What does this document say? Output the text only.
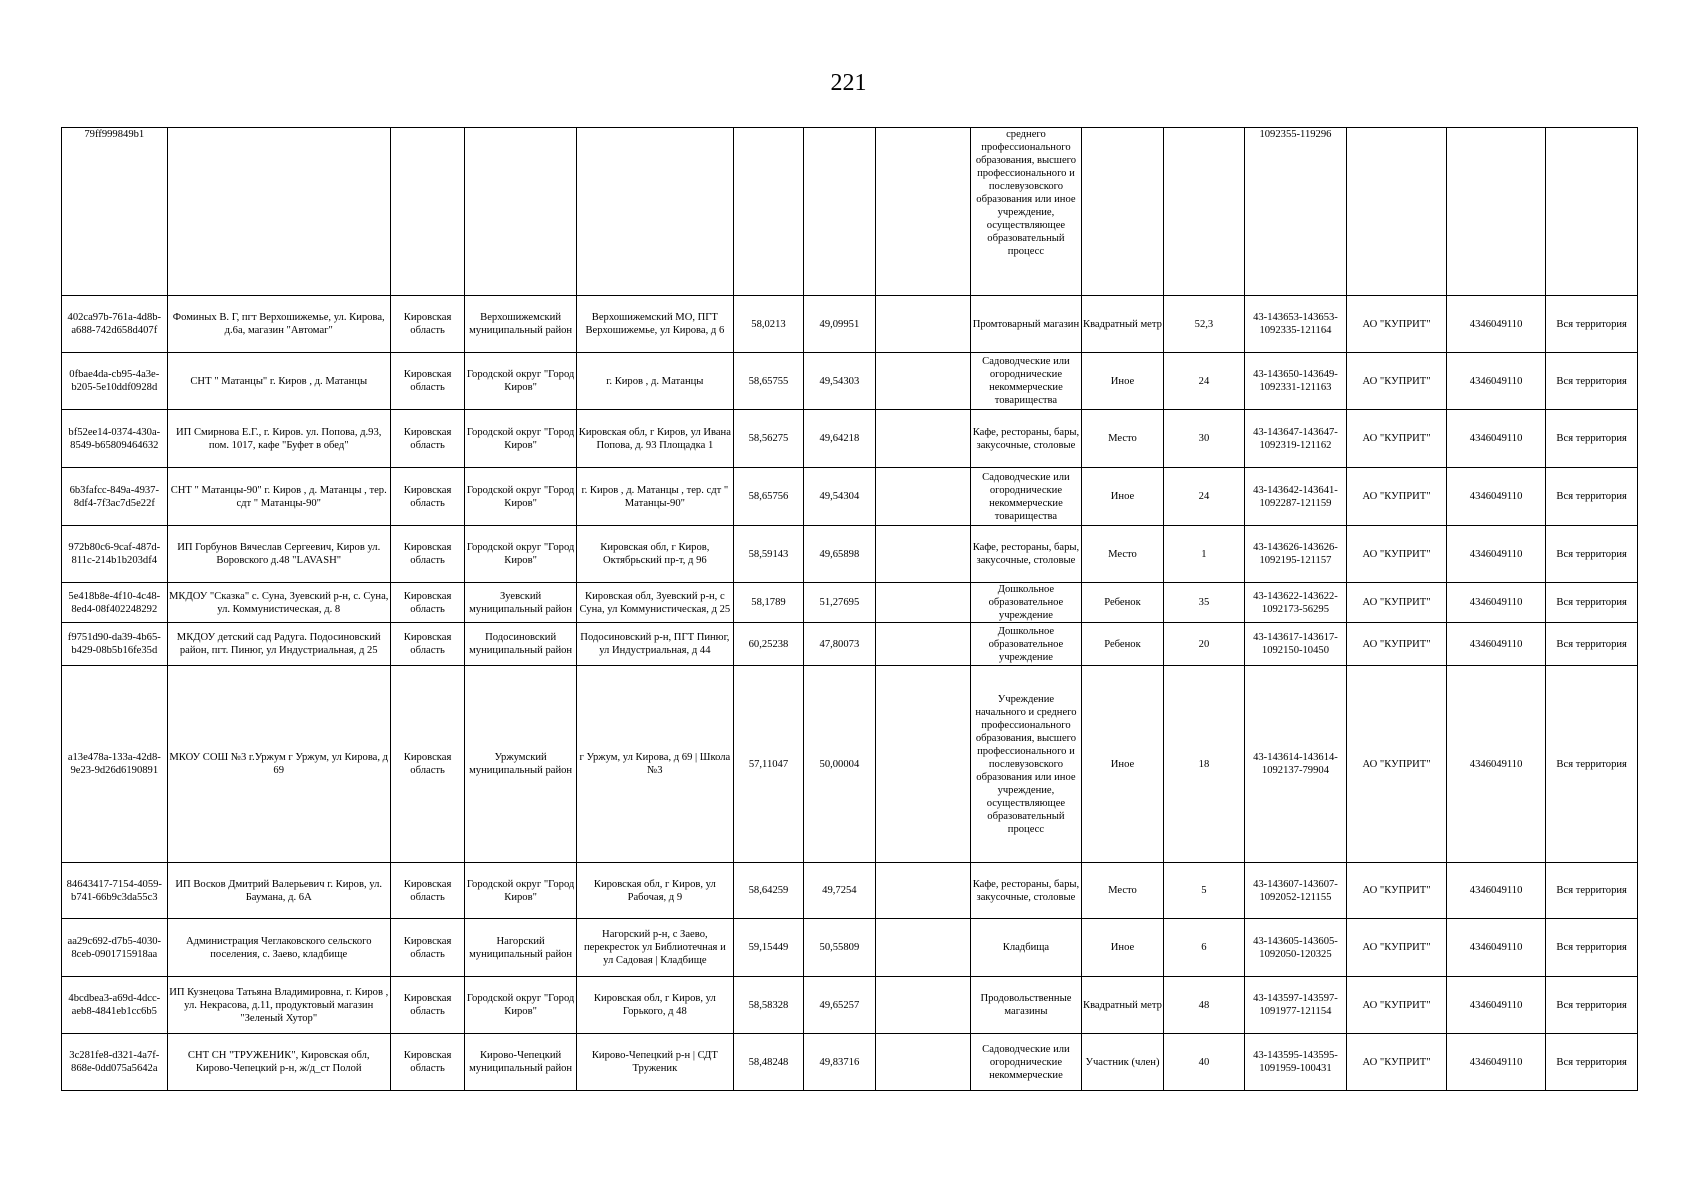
221
79ff999849b1								среднего профессионального образования, высшего профессионального и послевузовского образования или иное учреждение, осуществляющее образовательный процесс			1092355-119296			
402ca97b-761a-4d8b-a688-742d658d407f	Фоминых В. Г, пгт Верхошижемье, ул. Кирова, д.6а, магазин "Автомаг"	Кировская область	Верхошижемский муниципальный район	Верхошижемский МО, ПГТ Верхошижемье, ул Кирова, д 6	58,0213	49,09951		Промтоварный магазин	Квадратный метр	52,3	43-143653-143653-1092335-121164	АО "КУПРИТ"	4346049110	Вся территория
0fbae4da-cb95-4a3e-b205-5e10ddf0928d	СНТ " Матанцы" г. Киров , д. Матанцы	Кировская область	Городской округ "Город Киров"	г. Киров , д. Матанцы	58,65755	49,54303		Садоводческие или огороднические некоммерческие товарищества	Иное	24	43-143650-143649-1092331-121163	АО "КУПРИТ"	4346049110	Вся территория
bf52ee14-0374-430a-8549-b65809464632	ИП Смирнова Е.Г., г. Киров. ул. Попова, д.93, пом. 1017, кафе "Буфет в обед"	Кировская область	Городской округ "Город Киров"	Кировская обл, г Киров, ул Ивана Попова, д. 93 Площадка 1	58,56275	49,64218		Кафе, рестораны, бары, закусочные, столовые	Место	30	43-143647-143647-1092319-121162	АО "КУПРИТ"	4346049110	Вся территория
6b3fafcc-849a-4937-8df4-7f3ac7d5e22f	СНТ " Матанцы-90" г. Киров , д. Матанцы , тер. сдт " Матанцы-90"	Кировская область	Городской округ "Город Киров"	г. Киров , д. Матанцы , тер. сдт " Матанцы-90"	58,65756	49,54304		Садоводческие или огороднические некоммерческие товарищества	Иное	24	43-143642-143641-1092287-121159	АО "КУПРИТ"	4346049110	Вся территория
972b80c6-9caf-487d-811c-214b1b203df4	ИП Горбунов Вячеслав Сергеевич, Киров ул. Воровского д.48 "LAVASH"	Кировская область	Городской округ "Город Киров"	Кировская обл, г Киров, Октябрьский пр-т, д 96	58,59143	49,65898		Кафе, рестораны, бары, закусочные, столовые	Место	1	43-143626-143626-1092195-121157	АО "КУПРИТ"	4346049110	Вся территория
5e418b8e-4f10-4c48-8ed4-08f402248292	МКДОУ "Сказка" с. Суна, Зуевский р-н, с. Суна, ул. Коммунистическая, д. 8	Кировская область	Зуевский муниципальный район	Кировская обл, Зуевский р-н, с Суна, ул Коммунистическая, д 25	58,1789	51,27695		Дошкольное образовательное учреждение	Ребенок	35	43-143622-143622-1092173-56295	АО "КУПРИТ"	4346049110	Вся территория
f9751d90-da39-4b65-b429-08b5b16fe35d	МКДОУ детский сад Радуга. Подосиновский район, пгт. Пинюг, ул Индустриальная, д 25	Кировская область	Подосиновский муниципальный район	Подосиновский р-н, ПГТ Пинюг, ул Индустриальная, д 44	60,25238	47,80073		Дошкольное образовательное учреждение	Ребенок	20	43-143617-143617-1092150-10450	АО "КУПРИТ"	4346049110	Вся территория
a13e478a-133a-42d8-9e23-9d26d6190891	МКОУ СОШ №3 г.Уржум г Уржум, ул Кирова, д 69	Кировская область	Уржумский муниципальный район	г Уржум, ул Кирова, д 69 | Школа №3	57,11047	50,00004		Учреждение начального и среднего профессионального образования, высшего профессионального и послевузовского образования или иное учреждение, осуществляющее образовательный процесс	Иное	18	43-143614-143614-1092137-79904	АО "КУПРИТ"	4346049110	Вся территория
84643417-7154-4059-b741-66b9c3da55c3	ИП Восков Дмитрий Валерьевич г. Киров, ул. Баумана, д. 6А	Кировская область	Городской округ "Город Киров"	Кировская обл, г Киров, ул Рабочая, д 9	58,64259	49,7254		Кафе, рестораны, бары, закусочные, столовые	Место	5	43-143607-143607-1092052-121155	АО "КУПРИТ"	4346049110	Вся территория
aa29c692-d7b5-4030-8ceb-0901715918aa	Администрация Чеглаковского сельского поселения, с. Заево, кладбище	Кировская область	Нагорский муниципальный район	Нагорский р-н, с Заево, перекресток ул Библиотечная и ул Садовая | Кладбище	59,15449	50,55809		Кладбища	Иное	6	43-143605-143605-1092050-120325	АО "КУПРИТ"	4346049110	Вся территория
4bcdbea3-a69d-4dcc-aeb8-4841eb1cc6b5	ИП Кузнецова Татьяна Владимировна, г. Киров , ул. Некрасова, д.11, продуктовый магазин "Зеленый Хутор"	Кировская область	Городской округ "Город Киров"	Кировская обл, г Киров, ул Горького, д 48	58,58328	49,65257		Продовольственные магазины	Квадратный метр	48	43-143597-143597-1091977-121154	АО "КУПРИТ"	4346049110	Вся территория
3c281fe8-d321-4a7f-868e-0dd075a5642a	СНТ СН "ТРУЖЕНИК", Кировская обл, Кирово-Чепецкий р-н, ж/д_ст Полой	Кировская область	Кирово-Чепецкий муниципальный район	Кирово-Чепецкий р-н | СДТ Труженик	58,48248	49,83716		Садоводческие или огороднические некоммерческие	Участник (член)	40	43-143595-143595-1091959-100431	АО "КУПРИТ"	4346049110	Вся территория
